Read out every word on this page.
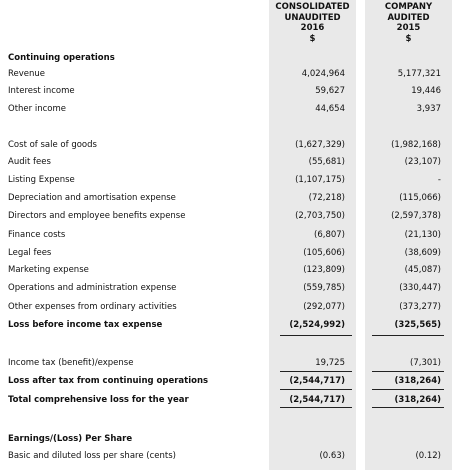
CONSOLIDATED
UNAUDITED
2016
$
COMPANY
AUDITED
2015
$
Continuing operations
Revenue	4,024,964	5,177,321
Interest income	59,627	19,446
Other income	44,654	3,937
Cost of sale of goods	(1,627,329)	(1,982,168)
Audit fees	(55,681)	(23,107)
Listing Expense	(1,107,175)	-
Depreciation and amortisation expense	(72,218)	(115,066)
Directors and employee benefits expense	(2,703,750)	(2,597,378)
Finance costs	(6,807)	(21,130)
Legal fees	(105,606)	(38,609)
Marketing expense	(123,809)	(45,087)
Operations and administration expense	(559,785)	(330,447)
Other expenses from ordinary activities	(292,077)	(373,277)
Loss before income tax expense	(2,524,992)	(325,565)
Income tax (benefit)/expense	19,725	(7,301)
Loss after tax from continuing operations	(2,544,717)	(318,264)
Total comprehensive loss for the year	(2,544,717)	(318,264)
Earnings/(Loss) Per Share
Basic and diluted loss per share (cents)	(0.63)	(0.12)
